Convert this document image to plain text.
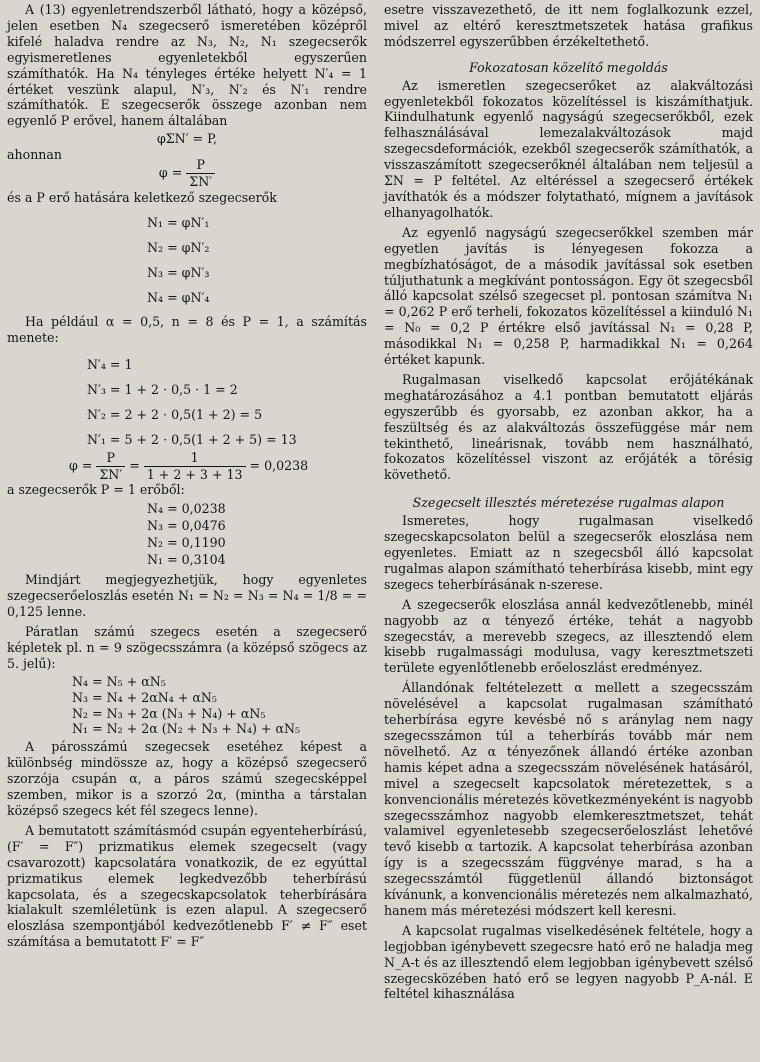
A (13) egyenletrendszerből látható, hogy a középső, jelen esetben N₄ szegecserő ismeretében középről kifelé haladva rendre az N₃, N₂, N₁ szegecserők egyismeretlenes egyenletekből egyszerűen számíthatók. Ha N₄ tényleges értéke helyett N′₄ = 1 értéket veszünk alapul, N′₃, N′₂ és N′₁ rendre számíthatók. E szegecserők összege azonban nem egyenlő P erővel, hanem általában

φΣN′ = P,

ahonnan

$\varphi = \frac{P}{\Sigma N'}$

és a P erő hatására keletkező szegecserők

N₁ = φN′₁

N₂ = φN′₂

N₃ = φN′₃

N₄ = φN′₄

Ha például α = 0,5, n = 8 és P = 1, a számítás menete:

N′₄ = 1

N′₃ = 1 + 2 · 0,5 · 1 = 2

N′₂ = 2 + 2 · 0,5(1 + 2) = 5

N′₁ = 5 + 2 · 0,5(1 + 2 + 5) = 13

$\varphi = \frac{P}{\Sigma N'} = \frac{1}{1 + 2 + 3 + 13} = 0,0238$

a szegecserők P = 1 erőből:

N₄ = 0,0238

N₃ = 0,0476

N₂ = 0,1190

N₁ = 0,3104

Mindjárt megjegyezhetjük, hogy egyenletes szegecserőeloszlás esetén N₁ = N₂ = N₃ = N₄ = 1/8 = = 0,125 lenne.

Páratlan számú szegecs esetén a szegecserő képletek pl. n = 9 szögecsszámra (a középső szögecs az 5. jelű):

N₄ = N₅ + αN₅

N₃ = N₄ + 2αN₄ + αN₅

N₂ = N₃ + 2α (N₃ + N₄) + αN₅

N₁ = N₂ + 2α (N₂ + N₃ + N₄) + αN₅

A párosszámú szegecsek esetéhez képest a különbség mindössze az, hogy a középső szegecserő szorzója csupán α, a páros számú szegecsképpel szemben, mikor is a szorzó 2α, (mintha a társtalan középső szegecs két fél szegecs lenne).

A bemutatott számításmód csupán egyenteherbírású, (F′ = F″) prizmatikus elemek szegecselt (vagy csavarozott) kapcsolatára vonatkozik, de ez egyúttal prizmatikus elemek legkedvezőbb teherbírású kapcsolata, és a szegecskapcsolatok teherbírására kialakult szemléletünk is ezen alapul. A szegecserő eloszlása szempontjából kedvezőtlenebb F′ ≠ F″ eset számítása a bemutatott F′ = F″

esetre visszavezethető, de itt nem foglalkozunk ezzel, mivel az eltérő keresztmetszetek hatása grafikus módszerrel egyszerűbben érzékeltethető.

Fokozatosan közelítő megoldás

Az ismeretlen szegecserőket az alakváltozási egyenletekből fokozatos közelítéssel is kiszámíthatjuk. Kiindulhatunk egyenlő nagyságú szegecserőkből, ezek felhasználásával lemezalakváltozások majd szegecsdeformációk, ezekből szegecserők számíthatók, a visszaszámított szegecserőknél általában nem teljesül a ΣN = P feltétel. Az eltéréssel a szegecserő értékek javíthatók és a módszer folytatható, mígnem a javítások elhanyagolhatók.

Az egyenlő nagyságú szegecserőkkel szemben már egyetlen javítás is lényegesen fokozza a megbízhatóságot, de a második javítással sok esetben túljuthatunk a megkívánt pontosságon. Egy öt szegecsből álló kapcsolat szélső szegecset pl. pontosan számítva N₁ = 0,262 P erő terheli, fokozatos közelítéssel a kiinduló N₁ = N₀ = 0,2 P értékre első javítással N₁ = 0,28 P, másodikkal N₁ = 0,258 P, harmadikkal N₁ = 0,264 értéket kapunk.

Rugalmasan viselkedő kapcsolat erőjátékának meghatározásához a 4.1 pontban bemutatott eljárás egyszerűbb és gyorsabb, ez azonban akkor, ha a feszültség és az alakváltozás összefüggése már nem tekinthető, lineárisnak, tovább nem használható, fokozatos közelítéssel viszont az erőjáték a törésig követhető.

Szegecselt illesztés méretezése rugalmas alapon

Ismeretes, hogy rugalmasan viselkedő szegecskapcsolaton belül a szegecserők eloszlása nem egyenletes. Emiatt az n szegecsből álló kapcsolat rugalmas alapon számítható teherbírása kisebb, mint egy szegecs teherbírásának n-szerese.

A szegecserők eloszlása annál kedvezőtlenebb, minél nagyobb az α tényező értéke, tehát a nagyobb szegecstáv, a merevebb szegecs, az illesztendő elem kisebb rugalmassági modulusa, vagy keresztmetszeti területe egyenlőtlenebb erőeloszlást eredményez.

Állandónak feltételezett α mellett a szegecsszám növelésével a kapcsolat rugalmasan számítható teherbírása egyre kevésbé nő s aránylag nem nagy szegecsszámon túl a teherbírás tovább már nem növelhető. Az α tényezőnek állandó értéke azonban hamis képet adna a szegecsszám növelésének hatásáról, mivel a szegecselt kapcsolatok méretezettek, s a konvencionális méretezés következményeként is nagyobb szegecsszámhoz nagyobb elemkeresztmetszet, tehát valamivel egyenletesebb szegecserőeloszlást lehetővé tevő kisebb α tartozik. A kapcsolat teherbírása azonban így is a szegecsszám függvénye marad, s ha a szegecsszámtól függetlenül állandó biztonságot kívánunk, a konvencionális méretezés nem alkalmazható, hanem más méretezési módszert kell keresni.

A kapcsolat rugalmas viselkedésének feltétele, hogy a legjobban igénybevett szegecsre ható erő ne haladja meg N_A-t és az illesztendő elem legjobban igénybevett szélső szegecsközében ható erő se legyen nagyobb P_A-nál. E feltétel kihasználása
